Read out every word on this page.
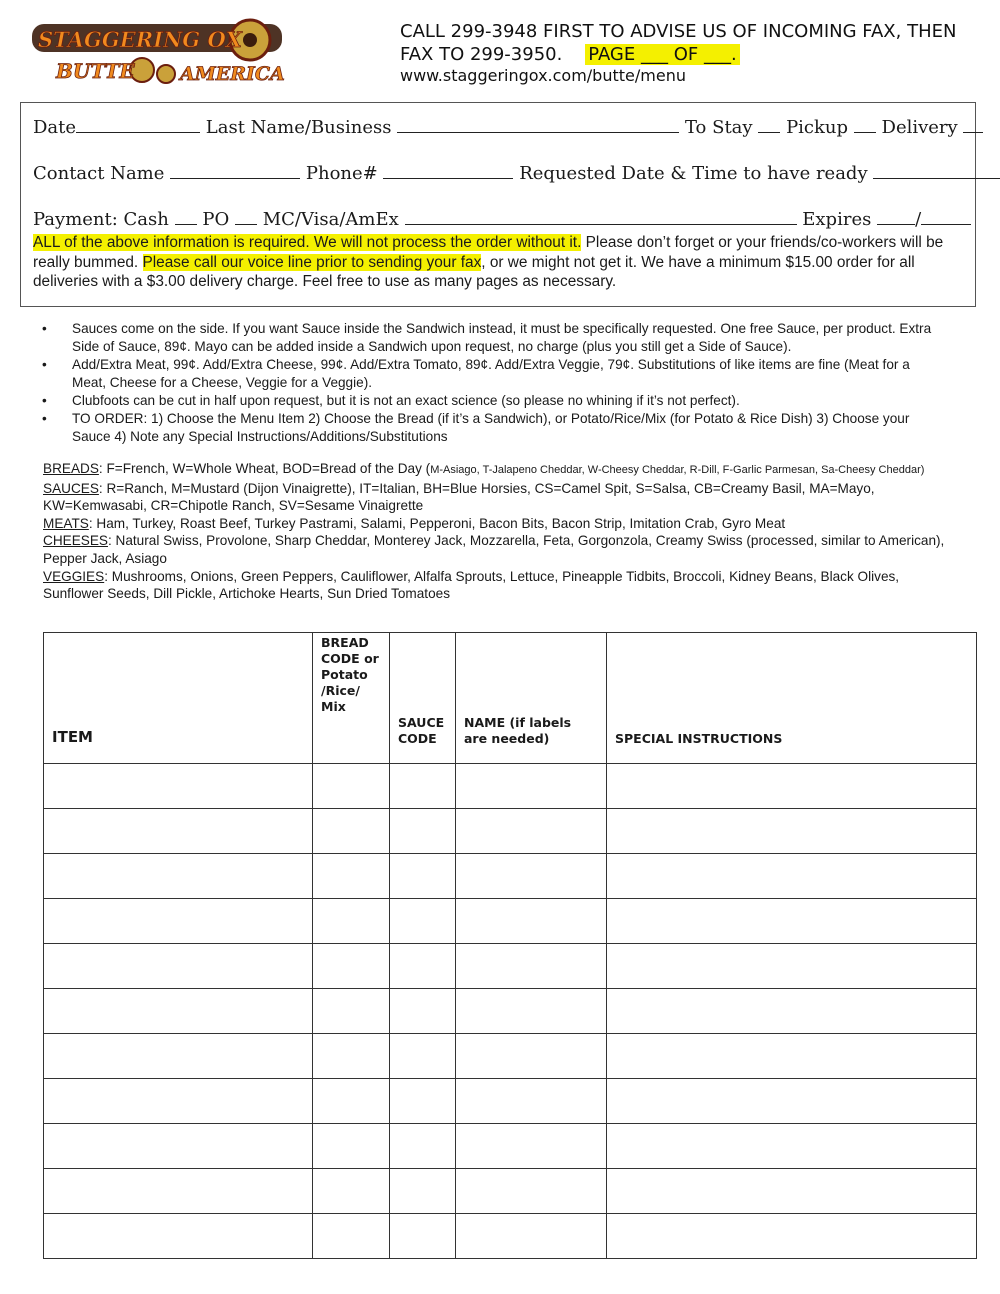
STAGGERING OX
BUTTE AMERICA
CALL 299-3948 FIRST TO ADVISE US OF INCOMING FAX, THEN
FAX TO 299-3950. PAGE ___ OF ___.
www.staggeringox.com/butte/menu
Date	Last Name/Business	To Stay Pickup Delivery
Contact Name	Phone#	Requested Date & Time to have ready
Payment: Cash PO MC/Visa/AmEx	Expires /
ALL of the above information is required. We will not process the order without it. Please don’t forget or your friends/co-workers will be really bummed. Please call our voice line prior to sending your fax, or we might not get it. We have a minimum $15.00 order for all deliveries with a $3.00 delivery charge. Feel free to use as many pages as necessary.
• Sauces come on the side. If you want Sauce inside the Sandwich instead, it must be specifically requested. One free Sauce, per product. Extra Side of Sauce, 89¢. Mayo can be added inside a Sandwich upon request, no charge (plus you still get a Side of Sauce).
• Add/Extra Meat, 99¢. Add/Extra Cheese, 99¢. Add/Extra Tomato, 89¢. Add/Extra Veggie, 79¢. Substitutions of like items are fine (Meat for a Meat, Cheese for a Cheese, Veggie for a Veggie).
• Clubfoots can be cut in half upon request, but it is not an exact science (so please no whining if it’s not perfect).
• TO ORDER: 1) Choose the Menu Item 2) Choose the Bread (if it’s a Sandwich), or Potato/Rice/Mix (for Potato & Rice Dish) 3) Choose your Sauce 4) Note any Special Instructions/Additions/Substitutions
BREADS: F=French, W=Whole Wheat, BOD=Bread of the Day (M-Asiago, T-Jalapeno Cheddar, W-Cheesy Cheddar, R-Dill, F-Garlic Parmesan, Sa-Cheesy Cheddar)
SAUCES: R=Ranch, M=Mustard (Dijon Vinaigrette), IT=Italian, BH=Blue Horsies, CS=Camel Spit, S=Salsa, CB=Creamy Basil, MA=Mayo, KW=Kemwasabi, CR=Chipotle Ranch, SV=Sesame Vinaigrette
MEATS: Ham, Turkey, Roast Beef, Turkey Pastrami, Salami, Pepperoni, Bacon Bits, Bacon Strip, Imitation Crab, Gyro Meat
CHEESES: Natural Swiss, Provolone, Sharp Cheddar, Monterey Jack, Mozzarella, Feta, Gorgonzola, Creamy Swiss (processed, similar to American), Pepper Jack, Asiago
VEGGIES: Mushrooms, Onions, Green Peppers, Cauliflower, Alfalfa Sprouts, Lettuce, Pineapple Tidbits, Broccoli, Kidney Beans, Black Olives, Sunflower Seeds, Dill Pickle, Artichoke Hearts, Sun Dried Tomatoes
ITEM	BREAD CODE or Potato /Rice/ Mix	SAUCE CODE	NAME (if labels are needed)	SPECIAL INSTRUCTIONS
